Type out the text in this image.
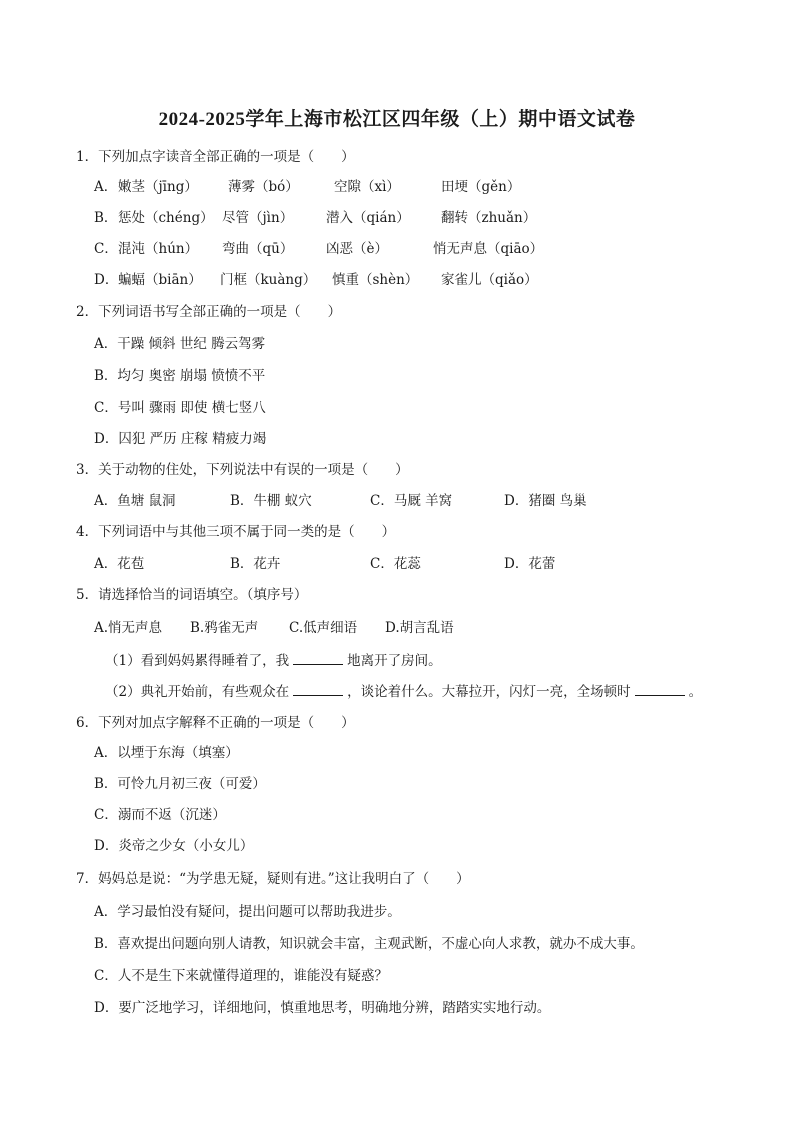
2024-2025学年上海市松江区四年级（上）期中语文试卷
1．下列加点字读音全部正确的一项是（　　）
A． 嫩茎（jīng） 薄雾（bó）	空隙（xì）	田埂（gěn）
B． 惩处（chéng） 尽管（jìn） 潜入（qián） 翻转（zhuǎn）
C． 混沌（hún） 弯曲（qū） 凶恶（è）	悄无声息（qiāo）
D． 蝙蝠（biān） 门框（kuàng） 慎重（shèn） 家雀儿（qiǎo）
2．下列词语书写全部正确的一项是（　　）
A．干躁 倾斜 世纪 腾云驾雾
B．均匀 奥密 崩塌 愤愤不平
C．号叫 骤雨 即使 横七竖八
D．囚犯 严历 庄稼 精疲力竭
3．关于动物的住处，下列说法中有误的一项是（　　）
A．鱼塘 鼠洞	B．牛棚 蚁穴	C．马厩 羊窝	D．猪圈 鸟巢
4．下列词语中与其他三项不属于同一类的是（　　）
A．花苞	B．花卉	C．花蕊	D．花蕾
5．请选择恰当的词语填空。（填序号）
A.悄无声息 B.鸦雀无声 C.低声细语 D.胡言乱语
（1）看到妈妈累得睡着了，我	地离开了房间。
（2）典礼开始前，有些观众在	，谈论着什么。大幕拉开，闪灯一亮，全场顿时	。
6．下列对加点字解释不正确的一项是（　　）
A．以堙于东海（填塞）
B．可怜九月初三夜（可爱）
C．溺而不返（沉迷）
D．炎帝之少女（小女儿）
7．妈妈总是说：“为学患无疑，疑则有进。”这让我明白了（　　）
A．学习最怕没有疑问，提出问题可以帮助我进步。
B．喜欢提出问题向别人请教，知识就会丰富，主观武断，不虚心向人求教，就办不成大事。
C．人不是生下来就懂得道理的，谁能没有疑惑？
D．要广泛地学习，详细地问，慎重地思考，明确地分辨，踏踏实实地行动。
